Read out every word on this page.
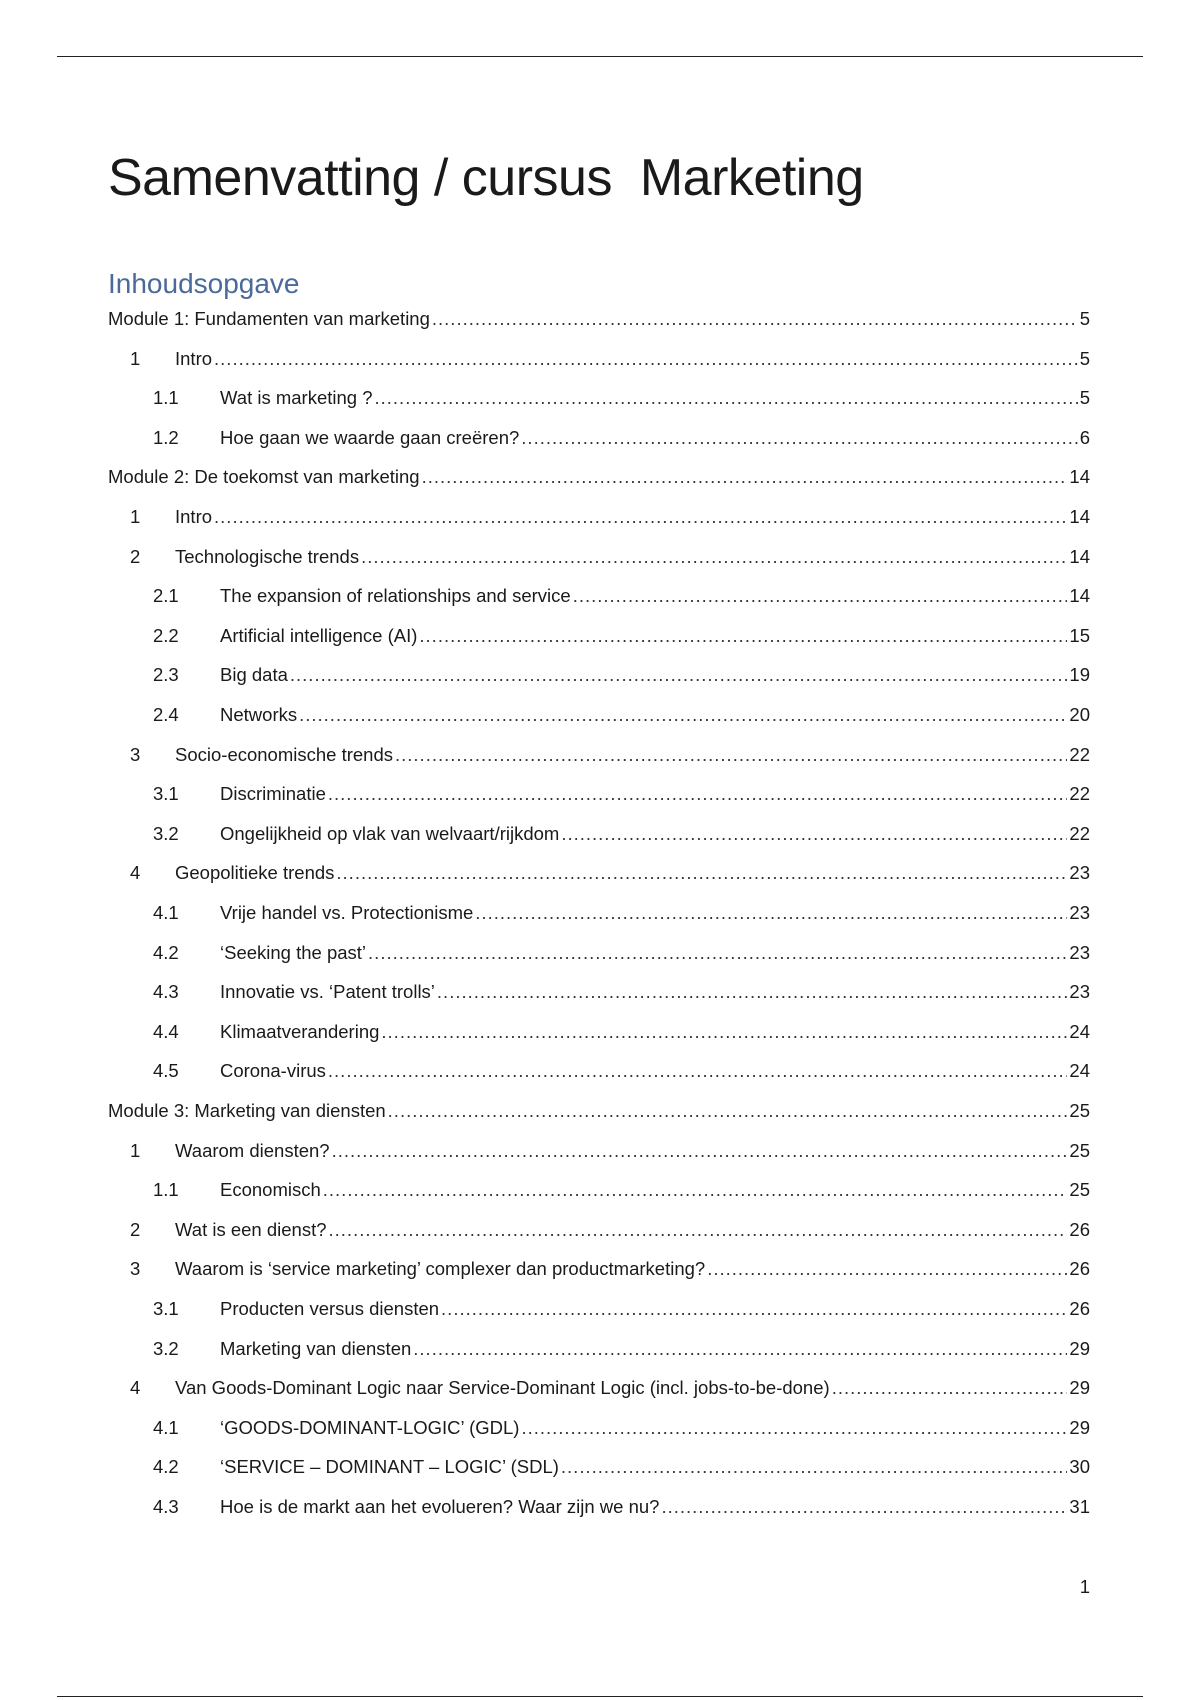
Samenvatting / cursus  Marketing
Inhoudsopgave
Module 1: Fundamenten van marketing .....	5
1	Intro .....	5
1.1	Wat is marketing ? .....	5
1.2	Hoe gaan we waarde gaan creëren? .....	6
Module 2: De toekomst van marketing .....	14
1	Intro .....	14
2	Technologische trends .....	14
2.1	The expansion of relationships and service .....	14
2.2	Artificial intelligence (AI) .....	15
2.3	Big data .....	19
2.4	Networks .....	20
3	Socio-economische trends .....	22
3.1	Discriminatie .....	22
3.2	Ongelijkheid op vlak van welvaart/rijkdom .....	22
4	Geopolitieke trends .....	23
4.1	Vrije handel vs. Protectionisme .....	23
4.2	‘Seeking the past’ .....	23
4.3	Innovatie vs. ‘Patent trolls’ .....	23
4.4	Klimaatverandering .....	24
4.5	Corona-virus .....	24
Module 3: Marketing van diensten .....	25
1	Waarom diensten? .....	25
1.1	Economisch .....	25
2	Wat is een dienst? .....	26
3	Waarom is ‘service marketing’ complexer dan productmarketing? .....	26
3.1	Producten versus diensten .....	26
3.2	Marketing van diensten .....	29
4	Van Goods-Dominant Logic naar Service-Dominant Logic (incl. jobs-to-be-done) .....	29
4.1	‘GOODS-DOMINANT-LOGIC’ (GDL) .....	29
4.2	‘SERVICE – DOMINANT – LOGIC’ (SDL) .....	30
4.3	Hoe is de markt aan het evolueren? Waar zijn we nu? .....	31
1
